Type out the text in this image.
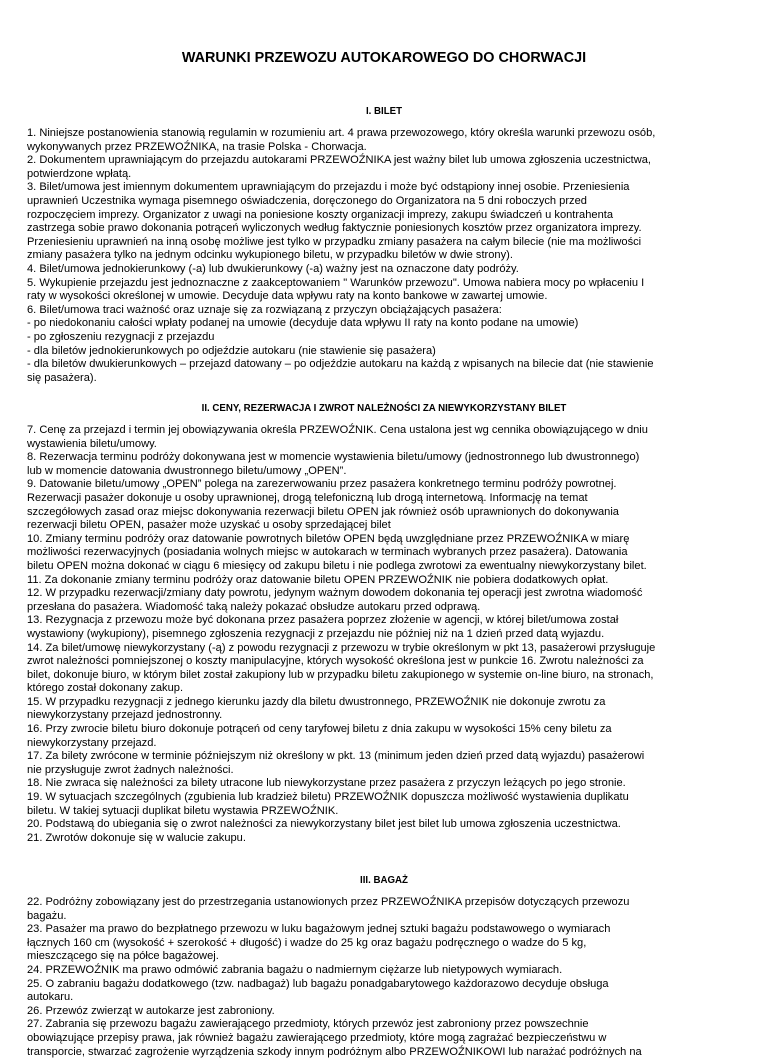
WARUNKI PRZEWOZU AUTOKAROWEGO DO CHORWACJI
I. BILET
1. Niniejsze postanowienia stanowią regulamin w rozumieniu art. 4 prawa przewozowego, który określa warunki przewozu osób,
wykonywanych przez PRZEWOŹNIKA, na trasie Polska - Chorwacja.
2. Dokumentem uprawniającym do przejazdu autokarami PRZEWOŹNIKA jest ważny bilet lub umowa zgłoszenia uczestnictwa,
potwierdzone wpłatą.
3. Bilet/umowa jest imiennym dokumentem uprawniającym do przejazdu i może być odstąpiony innej osobie. Przeniesienia
uprawnień Uczestnika wymaga pisemnego oświadczenia, doręczonego do Organizatora na 5 dni roboczych przed
rozpoczęciem imprezy. Organizator z uwagi na poniesione koszty organizacji imprezy, zakupu świadczeń u kontrahenta
zastrzega sobie prawo dokonania potrąceń wyliczonych według faktycznie poniesionych kosztów przez organizatora imprezy.
Przeniesieniu uprawnień na inną osobę możliwe jest tylko w przypadku zmiany pasażera na całym bilecie (nie ma możliwości
zmiany pasażera tylko na jednym odcinku wykupionego biletu, w przypadku biletów w dwie strony).
4. Bilet/umowa jednokierunkowy (-a) lub dwukierunkowy (-a) ważny jest na oznaczone daty podróży.
5. Wykupienie przejazdu jest jednoznaczne z zaakceptowaniem " Warunków przewozu". Umowa nabiera mocy po wpłaceniu I
raty w wysokości określonej w umowie. Decyduje data wpływu raty na konto bankowe w zawartej umowie.
6. Bilet/umowa traci ważność oraz uznaje się za rozwiązaną z przyczyn obciążających pasażera:
- po niedokonaniu całości wpłaty podanej na umowie (decyduje data wpływu II raty na konto podane na umowie)
- po zgłoszeniu rezygnacji z przejazdu
- dla biletów jednokierunkowych po odjeździe autokaru (nie stawienie się pasażera)
- dla biletów dwukierunkowych – przejazd datowany – po odjeździe autokaru na każdą z wpisanych na bilecie dat (nie stawienie
się pasażera).
II. CENY, REZERWACJA I ZWROT NALEŻNOŚCI ZA NIEWYKORZYSTANY BILET
7. Cenę za przejazd i termin jej obowiązywania określa PRZEWOŹNIK. Cena ustalona jest wg cennika obowiązującego w dniu
wystawienia biletu/umowy.
8. Rezerwacja terminu podróży dokonywana jest w momencie wystawienia biletu/umowy (jednostronnego lub dwustronnego)
lub w momencie datowania dwustronnego biletu/umowy „OPEN”.
9. Datowanie biletu/umowy „OPEN” polega na zarezerwowaniu przez pasażera konkretnego terminu podróży powrotnej.
Rezerwacji pasażer dokonuje u osoby uprawnionej, drogą telefoniczną lub drogą internetową. Informację na temat
szczegółowych zasad oraz miejsc dokonywania rezerwacji biletu OPEN jak również osób uprawnionych do dokonywania
rezerwacji biletu OPEN, pasażer może uzyskać u osoby sprzedającej bilet
10. Zmiany terminu podróży oraz datowanie powrotnych biletów OPEN będą uwzględniane przez PRZEWOŹNIKA w miarę
możliwości rezerwacyjnych (posiadania wolnych miejsc w autokarach w terminach wybranych przez pasażera). Datowania
biletu OPEN można dokonać w ciągu 6 miesięcy od zakupu biletu i nie podlega zwrotowi za ewentualny niewykorzystany bilet.
11. Za dokonanie zmiany terminu podróży oraz datowanie biletu OPEN PRZEWOŹNIK nie pobiera dodatkowych opłat.
12. W przypadku rezerwacji/zmiany daty powrotu, jedynym ważnym dowodem dokonania tej operacji jest zwrotna wiadomość
przesłana do pasażera. Wiadomość taką należy pokazać obsłudze autokaru przed odprawą.
13. Rezygnacja z przewozu może być dokonana przez pasażera poprzez złożenie w agencji, w której bilet/umowa został
wystawiony (wykupiony), pisemnego zgłoszenia rezygnacji z przejazdu nie później niż na 1 dzień przed datą wyjazdu.
14. Za bilet/umowę niewykorzystany (-ą) z powodu rezygnacji z przewozu w trybie określonym w pkt 13, pasażerowi przysługuje
zwrot należności pomniejszonej o koszty manipulacyjne, których wysokość określona jest w punkcie 16. Zwrotu należności za
bilet, dokonuje biuro, w którym bilet został zakupiony lub w przypadku biletu zakupionego w systemie on-line biuro, na stronach,
którego został dokonany zakup.
15. W przypadku rezygnacji z jednego kierunku jazdy dla biletu dwustronnego, PRZEWOŹNIK nie dokonuje zwrotu za
niewykorzystany przejazd jednostronny.
16. Przy zwrocie biletu biuro dokonuje potrąceń od ceny taryfowej biletu z dnia zakupu w wysokości 15% ceny biletu za
niewykorzystany przejazd.
17. Za bilety zwrócone w terminie późniejszym niż określony w pkt. 13 (minimum jeden dzień przed datą wyjazdu) pasażerowi
nie przysługuje zwrot żadnych należności.
18. Nie zwraca się należności za bilety utracone lub niewykorzystane przez pasażera z przyczyn leżących po jego stronie.
19. W sytuacjach szczególnych (zgubienia lub kradzież biletu) PRZEWOŹNIK dopuszcza możliwość wystawienia duplikatu
biletu. W takiej sytuacji duplikat biletu wystawia PRZEWOŹNIK.
20. Podstawą do ubiegania się o zwrot należności za niewykorzystany bilet jest bilet lub umowa zgłoszenia uczestnictwa.
21. Zwrotów dokonuje się w walucie zakupu.
III. BAGAŻ
22. Podróżny zobowiązany jest do przestrzegania ustanowionych przez PRZEWOŹNIKA przepisów dotyczących przewozu
bagażu.
23. Pasażer ma prawo do bezpłatnego przewozu w luku bagażowym jednej sztuki bagażu podstawowego o wymiarach
łącznych 160 cm (wysokość + szerokość + długość) i wadze do 25 kg oraz bagażu podręcznego o wadze do 5 kg,
mieszczącego się na półce bagażowej.
24. PRZEWOŹNIK ma prawo odmówić zabrania bagażu o nadmiernym ciężarze lub nietypowych wymiarach.
25. O zabraniu bagażu dodatkowego (tzw. nadbagaż) lub bagażu ponadgabarytowego każdorazowo decyduje obsługa
autokaru.
26. Przewóz zwierząt w autokarze jest zabroniony.
27. Zabrania się przewozu bagażu zawierającego przedmioty, których przewóz jest zabroniony przez powszechnie
obowiązujące przepisy prawa, jak również bagażu zawierającego przedmioty, które mogą zagrażać bezpieczeństwu w
transporcie, stwarzać zagrożenie wyrządzenia szkody innym podróżnym albo PRZEWOŹNIKOWI lub narażać podróżnych na
